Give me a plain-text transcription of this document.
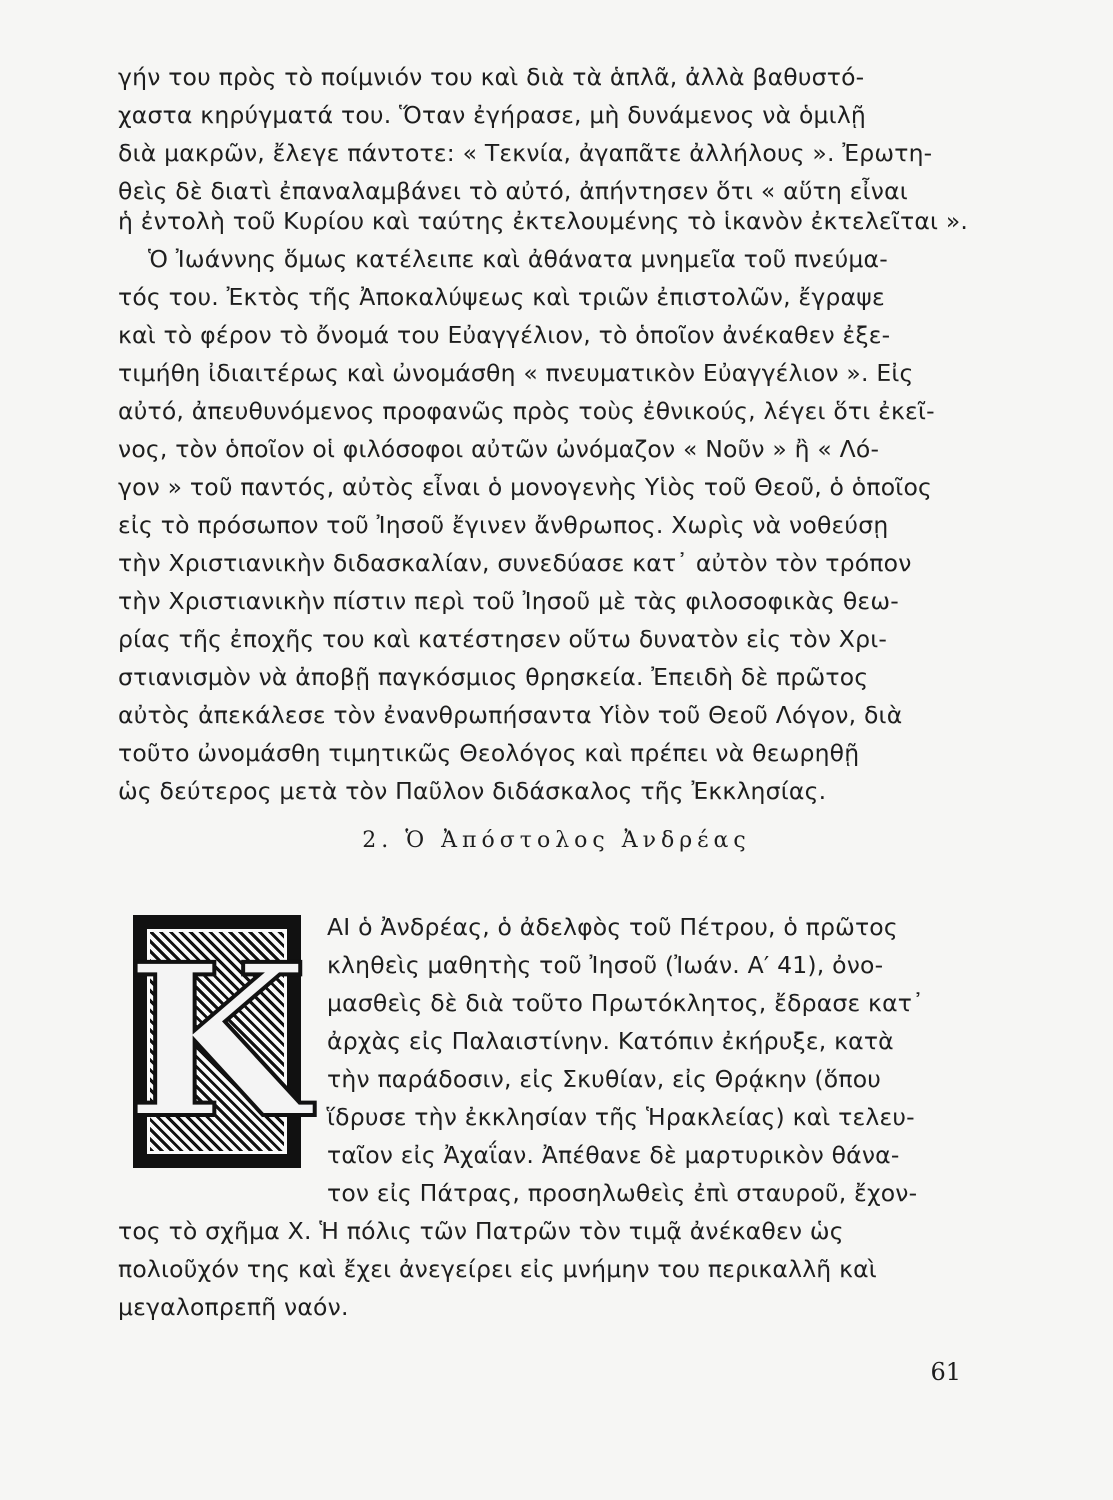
γήν του πρὸς τὸ ποίμνιόν του καὶ διὰ τὰ ἁπλᾶ, ἀλλὰ βαθυστό-
χαστα κηρύγματά του. Ὅταν ἐγήρασε, μὴ δυνάμενος νὰ ὁμιλῇ
διὰ μακρῶν, ἔλεγε πάντοτε: « Τεκνία, ἀγαπᾶτε ἀλλήλους ». Ἐρωτη-
θεὶς δὲ διατὶ ἐπαναλαμβάνει τὸ αὐτό, ἀπήντησεν ὅτι « αὕτη εἶναι
ἡ ἐντολὴ τοῦ Κυρίου καὶ ταύτης ἐκτελουμένης τὸ ἱκανὸν ἐκτελεῖται ».
Ὁ Ἰωάννης ὅμως κατέλειπε καὶ ἀθάνατα μνημεῖα τοῦ πνεύμα-
τός του. Ἐκτὸς τῆς Ἀποκαλύψεως καὶ τριῶν ἐπιστολῶν, ἔγραψε
καὶ τὸ φέρον τὸ ὄνομά του Εὐαγγέλιον, τὸ ὁποῖον ἀνέκαθεν ἐξε-
τιμήθη ἰδιαιτέρως καὶ ὠνομάσθη « πνευματικὸν Εὐαγγέλιον ». Εἰς
αὐτό, ἀπευθυνόμενος προφανῶς πρὸς τοὺς ἐθνικούς, λέγει ὅτι ἐκεῖ-
νος, τὸν ὁποῖον οἱ φιλόσοφοι αὐτῶν ὠνόμαζον « Νοῦν » ἢ « Λό-
γον » τοῦ παντός, αὐτὸς εἶναι ὁ μονογενὴς Υἱὸς τοῦ Θεοῦ, ὁ ὁποῖος
εἰς τὸ πρόσωπον τοῦ Ἰησοῦ ἔγινεν ἄνθρωπος. Χωρὶς νὰ νοθεύσῃ
τὴν Χριστιανικὴν διδασκαλίαν, συνεδύασε κατ᾽ αὐτὸν τὸν τρόπον
τὴν Χριστιανικὴν πίστιν περὶ τοῦ Ἰησοῦ μὲ τὰς φιλοσοφικὰς θεω-
ρίας τῆς ἐποχῆς του καὶ κατέστησεν οὕτω δυνατὸν εἰς τὸν Χρι-
στιανισμὸν νὰ ἀποβῇ παγκόσμιος θρησκεία. Ἐπειδὴ δὲ πρῶτος
αὐτὸς ἀπεκάλεσε τὸν ἐνανθρωπήσαντα Υἱὸν τοῦ Θεοῦ Λόγον, διὰ
τοῦτο ὠνομάσθη τιμητικῶς Θεολόγος καὶ πρέπει νὰ θεωρηθῇ
ὡς δεύτερος μετὰ τὸν Παῦλον διδάσκαλος τῆς Ἐκκλησίας.
2. Ὁ Ἀπόστολος Ἀνδρέας
K ΑΙ ὁ Ἀνδρέας, ὁ ἀδελφὸς τοῦ Πέτρου, ὁ πρῶτος
κληθεὶς μαθητὴς τοῦ Ἰησοῦ (Ἰωάν. Α′ 41), ὀνο-
μασθεὶς δὲ διὰ τοῦτο Πρωτόκλητος, ἔδρασε κατ᾽
ἀρχὰς εἰς Παλαιστίνην. Κατόπιν ἐκήρυξε, κατὰ
τὴν παράδοσιν, εἰς Σκυθίαν, εἰς Θρᾴκην (ὅπου
ἵδρυσε τὴν ἐκκλησίαν τῆς Ἡρακλείας) καὶ τελευ-
ταῖον εἰς Ἀχαΐαν. Ἀπέθανε δὲ μαρτυρικὸν θάνα-
τον εἰς Πάτρας, προσηλωθεὶς ἐπὶ σταυροῦ, ἔχον-
τος τὸ σχῆμα Χ. Ἡ πόλις τῶν Πατρῶν τὸν τιμᾷ ἀνέκαθεν ὡς
πολιοῦχόν της καὶ ἔχει ἀνεγείρει εἰς μνήμην του περικαλλῆ καὶ
μεγαλοπρεπῆ ναόν.
61
